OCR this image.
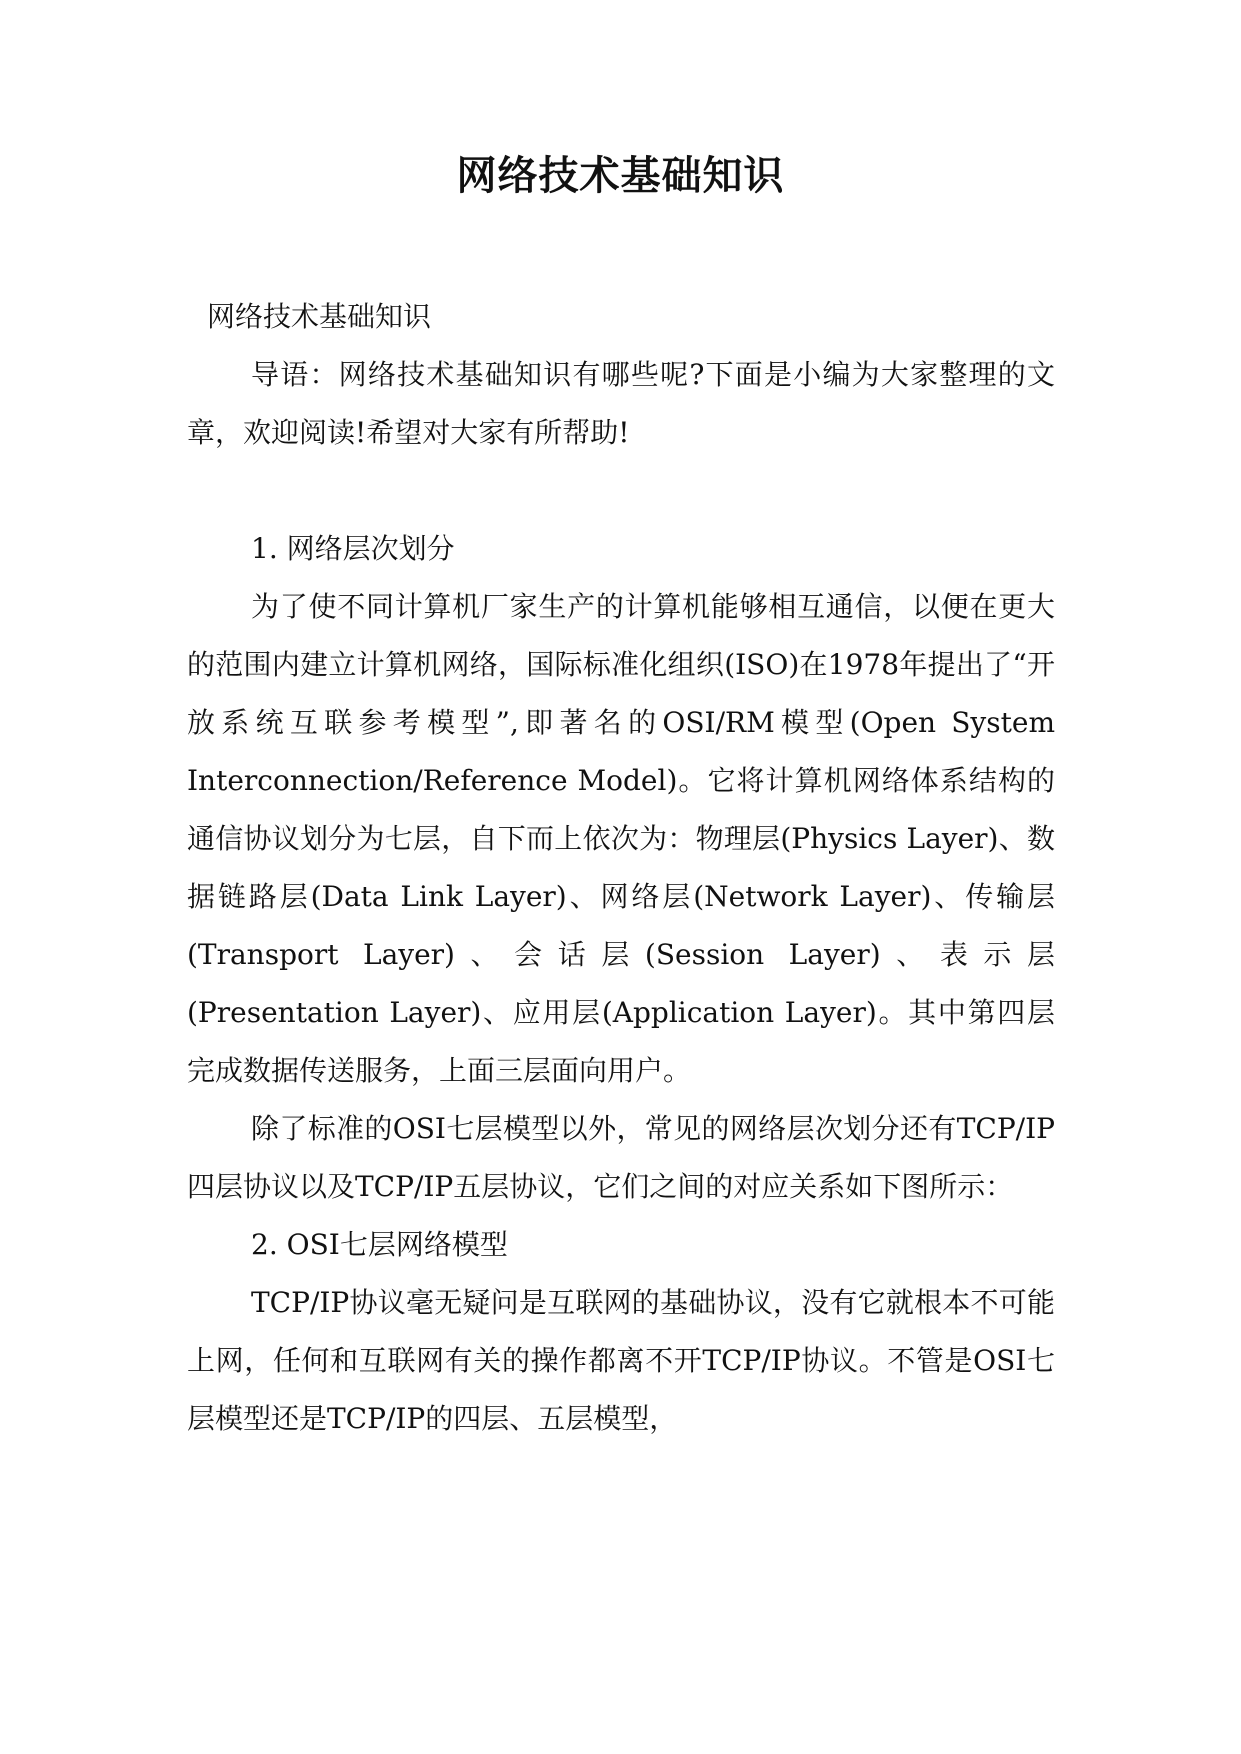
网络技术基础知识

网络技术基础知识

导语：网络技术基础知识有哪些呢?下面是小编为大家整理的文章，欢迎阅读!希望对大家有所帮助!

1. 网络层次划分

为了使不同计算机厂家生产的计算机能够相互通信，以便在更大的范围内建立计算机网络，国际标准化组织(ISO)在1978年提出了“开放系统互联参考模型”,即著名的OSI/RM模型(Open System Interconnection/Reference Model)。它将计算机网络体系结构的通信协议划分为七层，自下而上依次为：物理层(Physics Layer)、数据链路层(Data Link Layer)、网络层(Network Layer)、传输层(Transport Layer)、会话层(Session Layer)、表示层(Presentation Layer)、应用层(Application Layer)。其中第四层完成数据传送服务，上面三层面向用户。

除了标准的OSI七层模型以外，常见的网络层次划分还有TCP/IP四层协议以及TCP/IP五层协议，它们之间的对应关系如下图所示：

2. OSI七层网络模型

TCP/IP协议毫无疑问是互联网的基础协议，没有它就根本不可能上网，任何和互联网有关的操作都离不开TCP/IP协议。不管是OSI七层模型还是TCP/IP的四层、五层模型，
